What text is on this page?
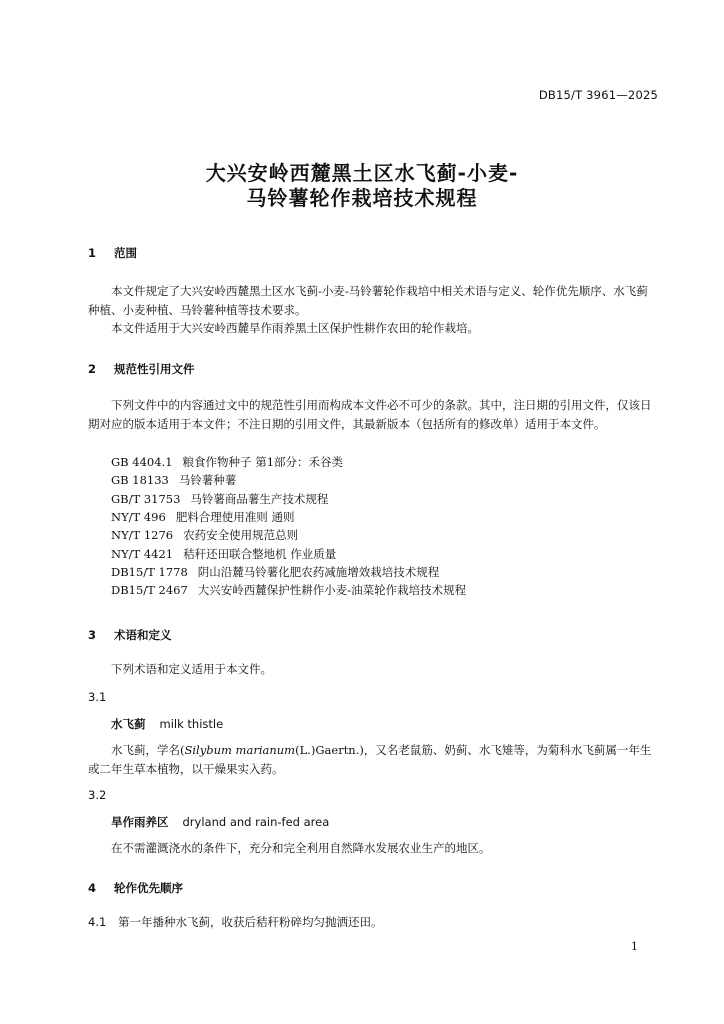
DB15/T 3961—2025
大兴安岭西麓黑土区水飞蓟-小麦-
马铃薯轮作栽培技术规程
1 范围
本文件规定了大兴安岭西麓黑土区水飞蓟-小麦-马铃薯轮作栽培中相关术语与定义、轮作优先顺序、水飞蓟种植、小麦种植、马铃薯种植等技术要求。
本文件适用于大兴安岭西麓旱作雨养黑土区保护性耕作农田的轮作栽培。
2 规范性引用文件
下列文件中的内容通过文中的规范性引用而构成本文件必不可少的条款。其中，注日期的引用文件，仅该日期对应的版本适用于本文件；不注日期的引用文件，其最新版本（包括所有的修改单）适用于本文件。
GB 4404.1 粮食作物种子 第1部分：禾谷类
GB 18133 马铃薯种薯
GB/T 31753 马铃薯商品薯生产技术规程
NY/T 496 肥料合理使用准则 通则
NY/T 1276 农药安全使用规范总则
NY/T 4421 秸秆还田联合整地机 作业质量
DB15/T 1778 阴山沿麓马铃薯化肥农药减施增效栽培技术规程
DB15/T 2467 大兴安岭西麓保护性耕作小麦-油菜轮作栽培技术规程
3 术语和定义
下列术语和定义适用于本文件。
3.1
水飞蓟 milk thistle
水飞蓟，学名(Silybum marianum(L.)Gaertn.)，又名老鼠筋、奶蓟、水飞雉等，为菊科水飞蓟属一年生或二年生草本植物，以干燥果实入药。
3.2
旱作雨养区 dryland and rain-fed area
在不需灌溉浇水的条件下，充分和完全利用自然降水发展农业生产的地区。
4 轮作优先顺序
4.1 第一年播种水飞蓟，收获后秸秆粉碎均匀抛洒还田。
1
